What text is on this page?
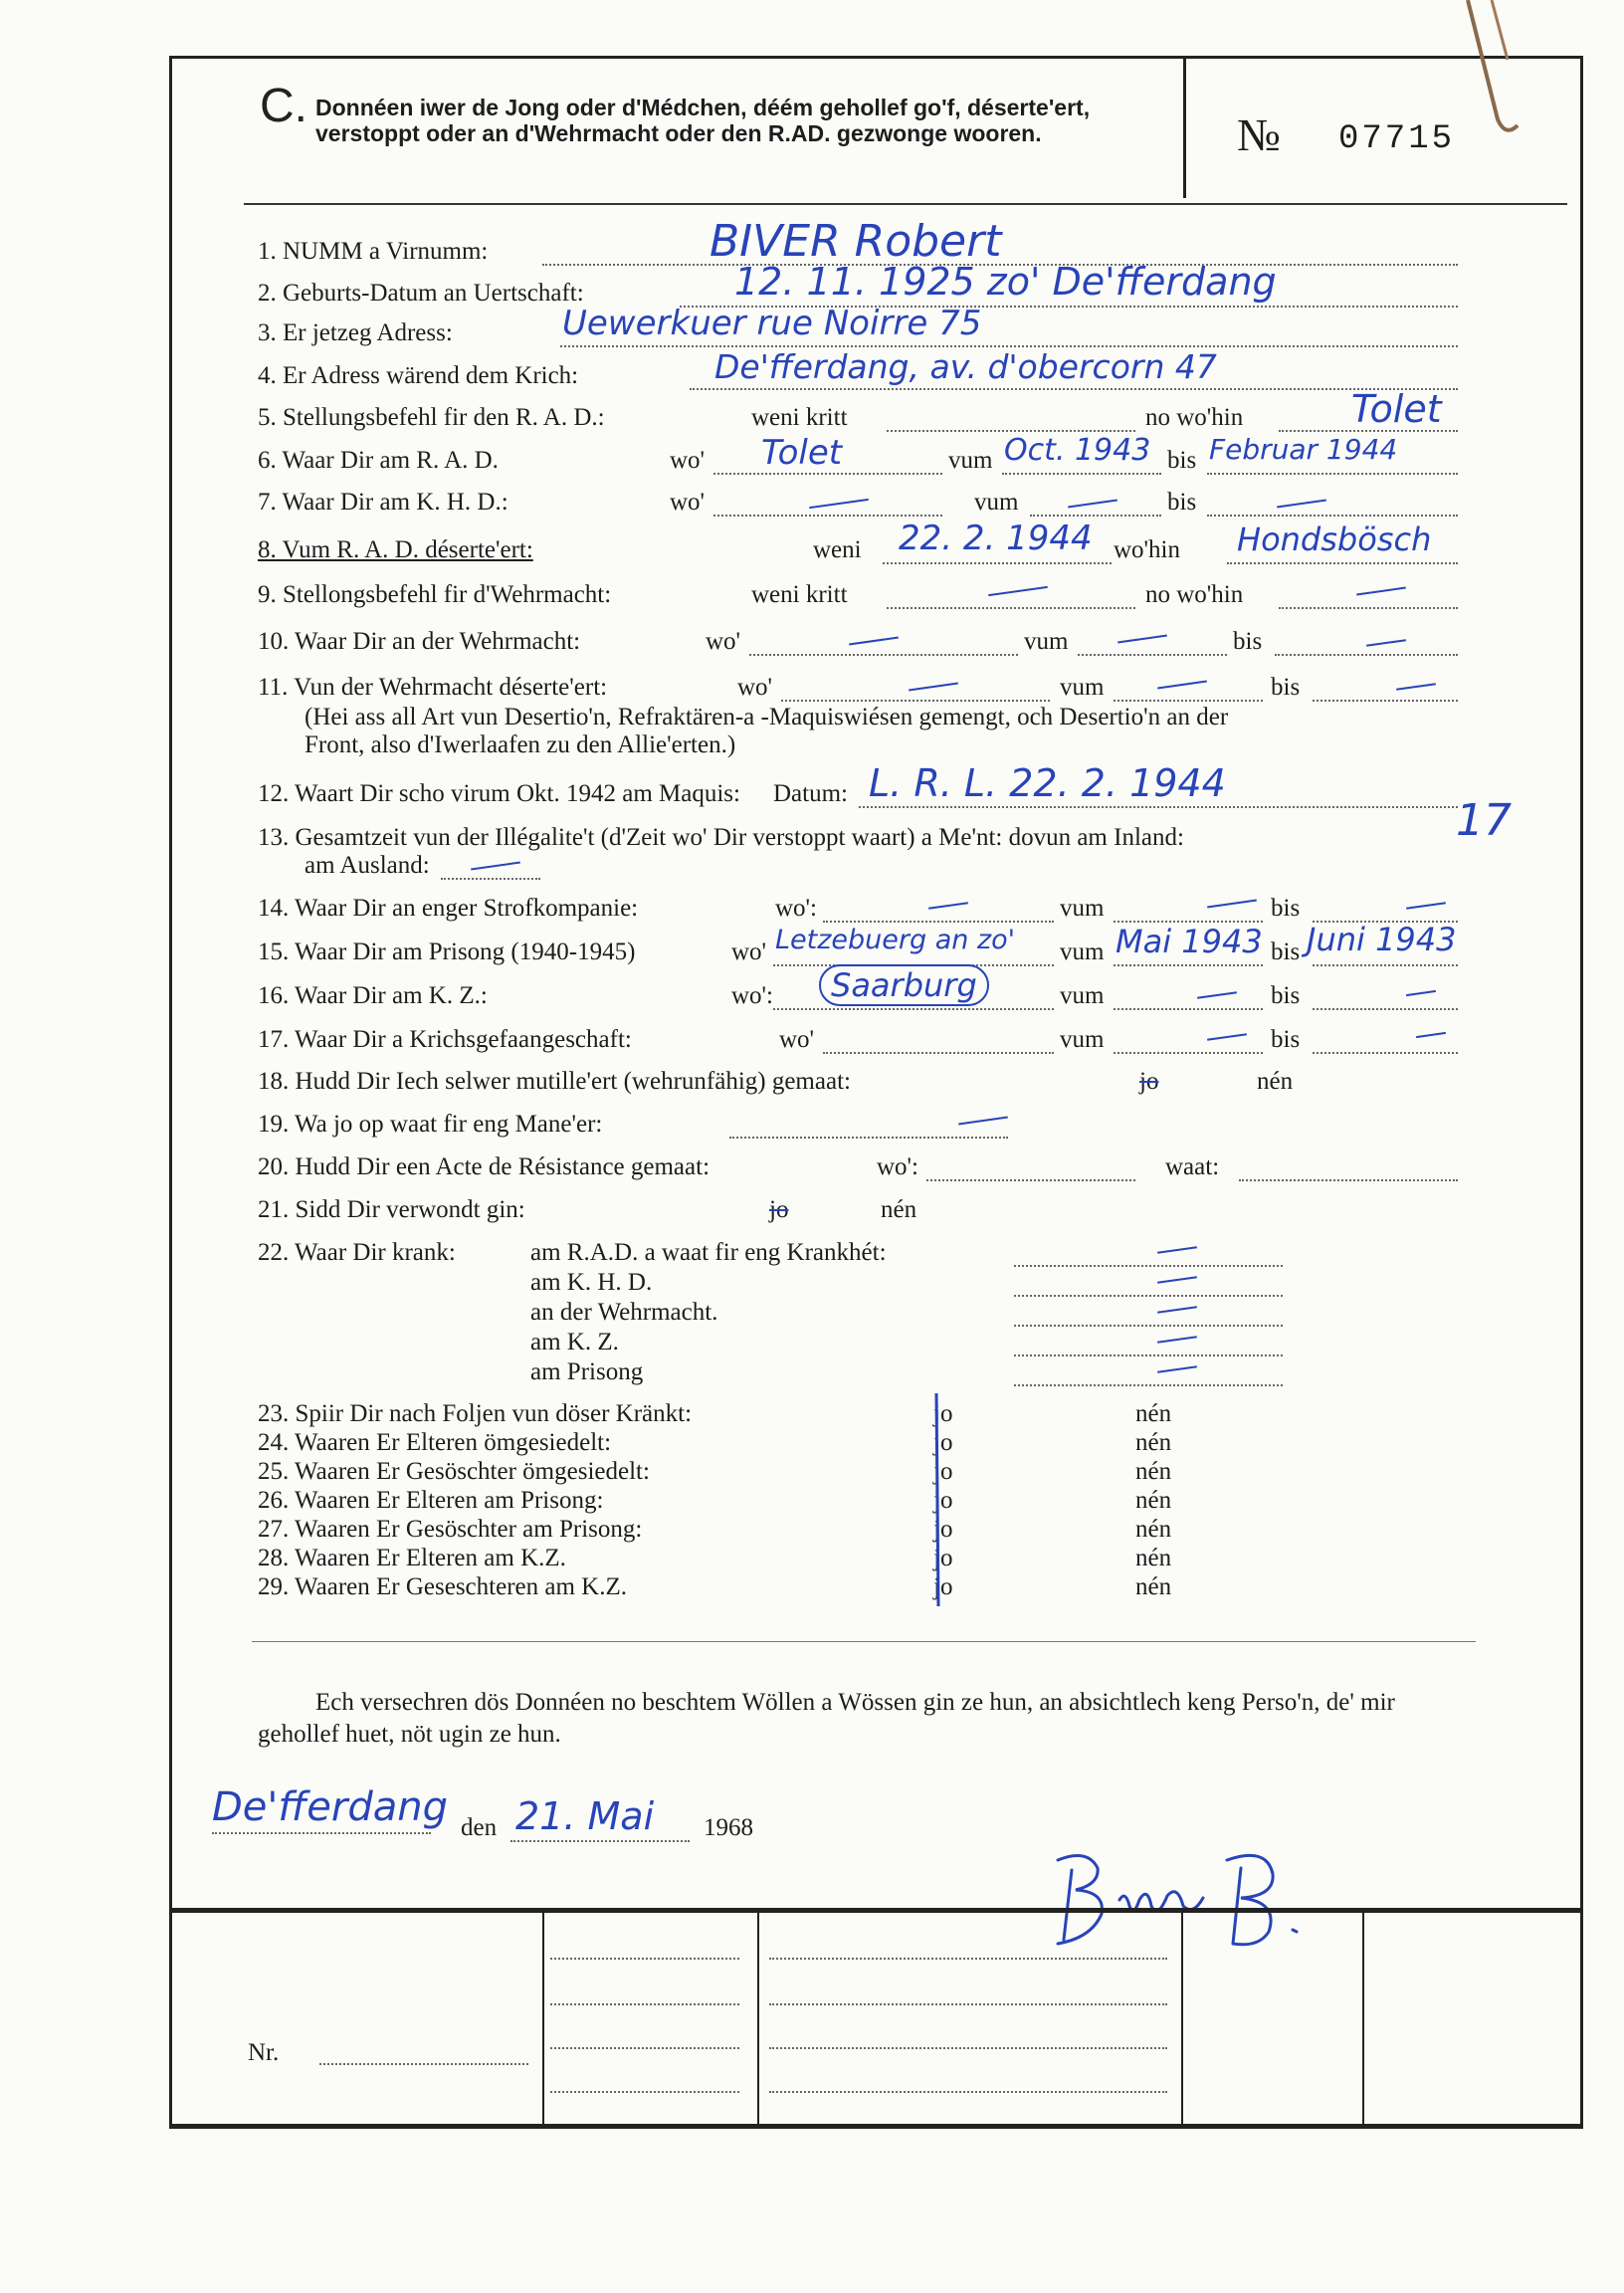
C. Donnéen iwer de Jong oder d'Médchen, déém gehollef go'f, déserte'ert, verstoppt oder an d'Wehrmacht oder den R.AD. gezwonge wooren.	№ 07715
1. NUMM a Virnumm:	BIVER Robert
2. Geburts-Datum an Uertschaft:	12. 11. 1925 zo' De'fferdang
3. Er jetzeg Adress:	Uewerkuer rue Noirre 75
4. Er Adress wärend dem Krich:	De'fferdang, av. d'obercorn 47
5. Stellungsbefehl fir den R. A. D.:	weni kritt	no wo'hin	Tolet
6. Waar Dir am R. A. D.	wo' Tolet	vum Oct. 1943 bis Februar 1944
7. Waar Dir am K. H. D.:	wo'	vum	bis
8. Vum R. A. D. déserte'ert:	weni 22. 2. 1944 wo'hin Hondsbösch
9. Stellongsbefehl fir d'Wehrmacht:	weni kritt	no wo'hin
10. Waar Dir an der Wehrmacht:	wo'	vum	bis
11. Vun der Wehrmacht déserte'ert:	wo'	vum	bis
(Hei ass all Art vun Desertio'n, Refraktären-a -Maquiswiésen gemengt, och Desertio'n an der
Front, also d'Iwerlaafen zu den Allie'erten.)
12. Waart Dir scho virum Okt. 1942 am Maquis: Datum: L. R. L. 22. 2. 1944
13. Gesamtzeit vun der Illégalite't (d'Zeit wo' Dir verstoppt waart) a Me'nt: dovun am Inland:	17
am Ausland:
14. Waar Dir an enger Strofkompanie:	wo':	vum	bis
15. Waar Dir am Prisong (1940-1945)	wo' Letzebuerg an zo' vum Mai 1943 bis Juni 1943
16. Waar Dir am K. Z.:	wo':	Saarburg	vum	bis
17. Waar Dir a Krichsgefaangeschaft:	wo'	vum	bis
18. Hudd Dir Iech selwer mutille'ert (wehrunfähig) gemaat:	jo	nén
19. Wa jo op waat fir eng Mane'er:
20. Hudd Dir een Acte de Résistance gemaat:	wo':	waat:
21. Sidd Dir verwondt gin:	jo	nén
22. Waar Dir krank:	am R.A.D. a waat fir eng Krankhét:
am K. H. D.
an der Wehrmacht.
am K. Z.
am Prisong
23. Spiir Dir nach Foljen vun döser Kränkt:	jo	nén
24. Waaren Er Elteren ömgesiedelt:	jo	nén
25. Waaren Er Gesöschter ömgesiedelt:	jo	nén
26. Waaren Er Elteren am Prisong:	jo	nén
27. Waaren Er Gesöschter am Prisong:	jo	nén
28. Waaren Er Elteren am K.Z.	jo	nén
29. Waaren Er Geseschteren am K.Z.	jo	nén
Ech versechren dös Donnéen no beschtem Wöllen a Wössen gin ze hun, an absichtlech keng Perso'n, de' mir gehollef huet, nöt ugin ze hun.
De'fferdang den 21. Mai 1968
Nr.
